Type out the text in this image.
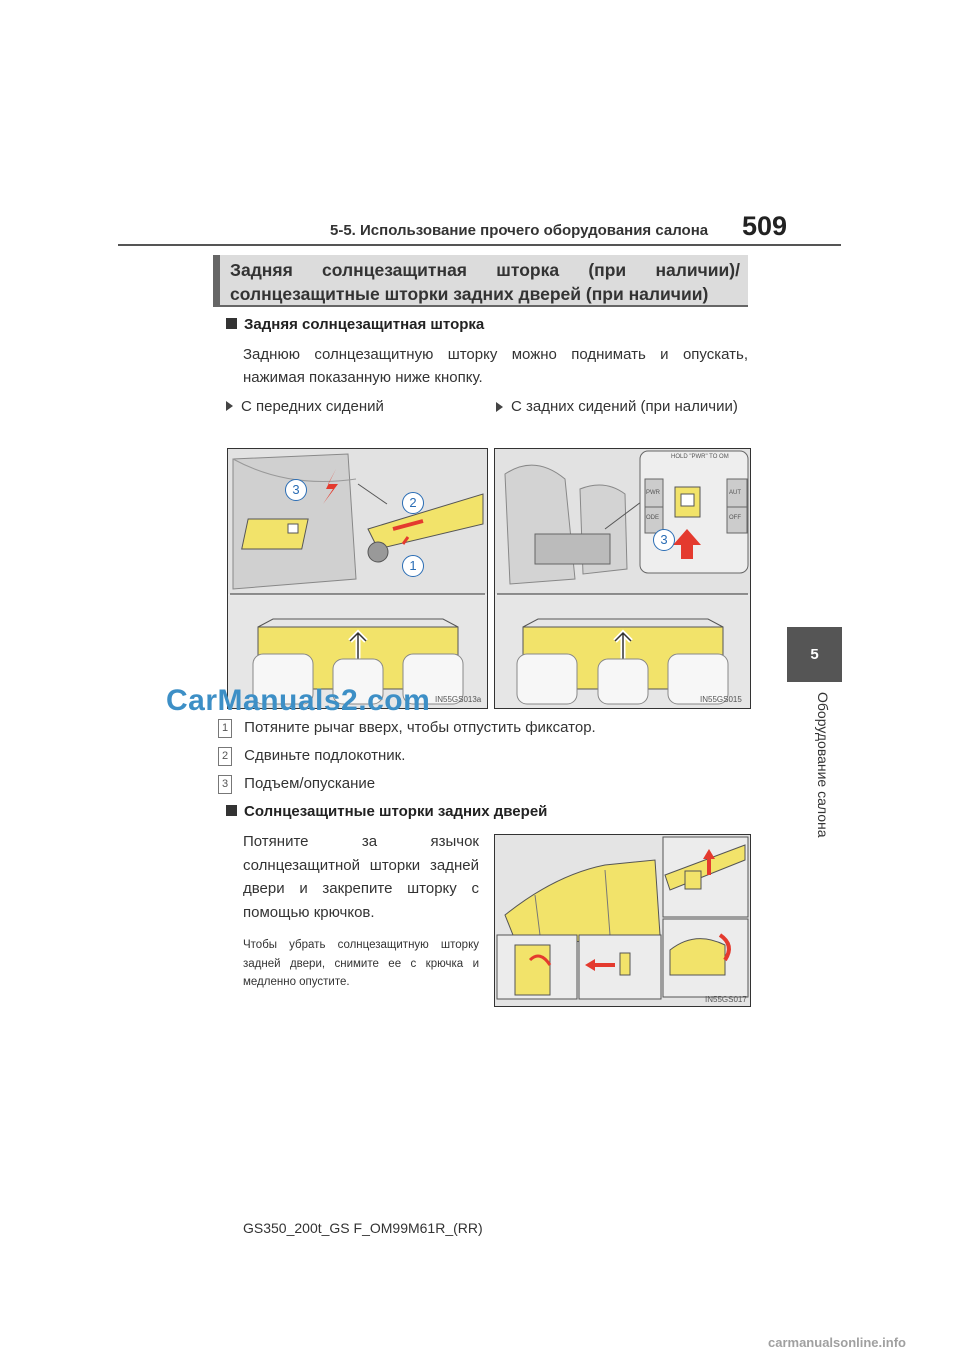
5-5. Использование прочего оборудования салона 509
5
Оборудование салона
Задняя солнцезащитная шторка (при наличии)/
солнцезащитные шторки задних дверей (при наличии)
Задняя солнцезащитная шторка
Заднюю солнцезащитную шторку можно поднимать и опускать, нажимая показанную ниже кнопку.
С передних сидений	С задних сидений (при наличии)
3
2
1
IN55GS013a
HOLD "PWR" TO OM
PWR
ODE
AUT
OFF
3
IN55GS015
CarManuals2.com
1 Потяните рычаг вверх, чтобы отпустить фиксатор.
2 Сдвиньте подлокотник.
3 Подъем/опускание
Солнцезащитные шторки задних дверей
Потяните за язычок солнцезащитной шторки задней двери и закрепите шторку с помощью крючков.
Чтобы убрать солнцезащитную шторку задней двери, снимите ее с крючка и медленно опустите.
IN55GS017
GS350_200t_GS F_OM99M61R_(RR)
carmanualsonline.info
